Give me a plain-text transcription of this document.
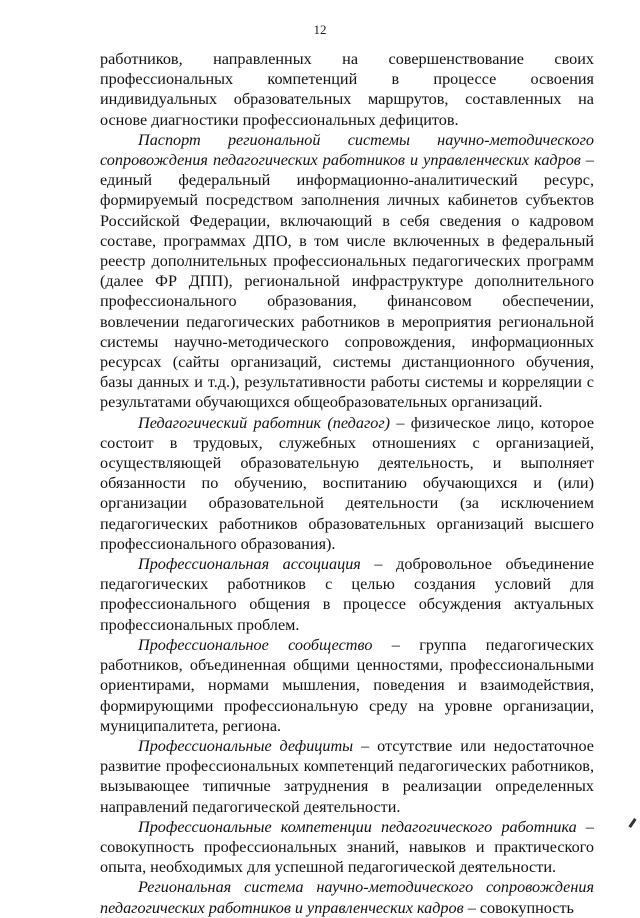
12

работников, направленных на совершенствование своих профессиональных компетенций в процессе освоения индивидуальных образовательных маршрутов, составленных на основе диагностики профессиональных дефицитов.

Паспорт региональной системы научно-методического сопровождения педагогических работников и управленческих кадров – единый федеральный информационно-аналитический ресурс, формируемый посредством заполнения личных кабинетов субъектов Российской Федерации, включающий в себя сведения о кадровом составе, программах ДПО, в том числе включенных в федеральный реестр дополнительных профессиональных педагогических программ (далее ФР ДПП), региональной инфраструктуре дополнительного профессионального образования, финансовом обеспечении, вовлечении педагогических работников в мероприятия региональной системы научно-методического сопровождения, информационных ресурсах (сайты организаций, системы дистанционного обучения, базы данных и т.д.), результативности работы системы и корреляции с результатами обучающихся общеобразовательных организаций.

Педагогический работник (педагог) – физическое лицо, которое состоит в трудовых, служебных отношениях с организацией, осуществляющей образовательную деятельность, и выполняет обязанности по обучению, воспитанию обучающихся и (или) организации образовательной деятельности (за исключением педагогических работников образовательных организаций высшего профессионального образования).

Профессиональная ассоциация – добровольное объединение педагогических работников с целью создания условий для профессионального общения в процессе обсуждения актуальных профессиональных проблем.

Профессиональное сообщество – группа педагогических работников, объединенная общими ценностями, профессиональными ориентирами, нормами мышления, поведения и взаимодействия, формирующими профессиональную среду на уровне организации, муниципалитета, региона.

Профессиональные дефициты – отсутствие или недостаточное развитие профессиональных компетенций педагогических работников, вызывающее типичные затруднения в реализации определенных направлений педагогической деятельности.

Профессиональные компетенции педагогического работника – совокупность профессиональных знаний, навыков и практического опыта, необходимых для успешной педагогической деятельности.

Региональная система научно-методического сопровождения педагогических работников и управленческих кадров – совокупность
